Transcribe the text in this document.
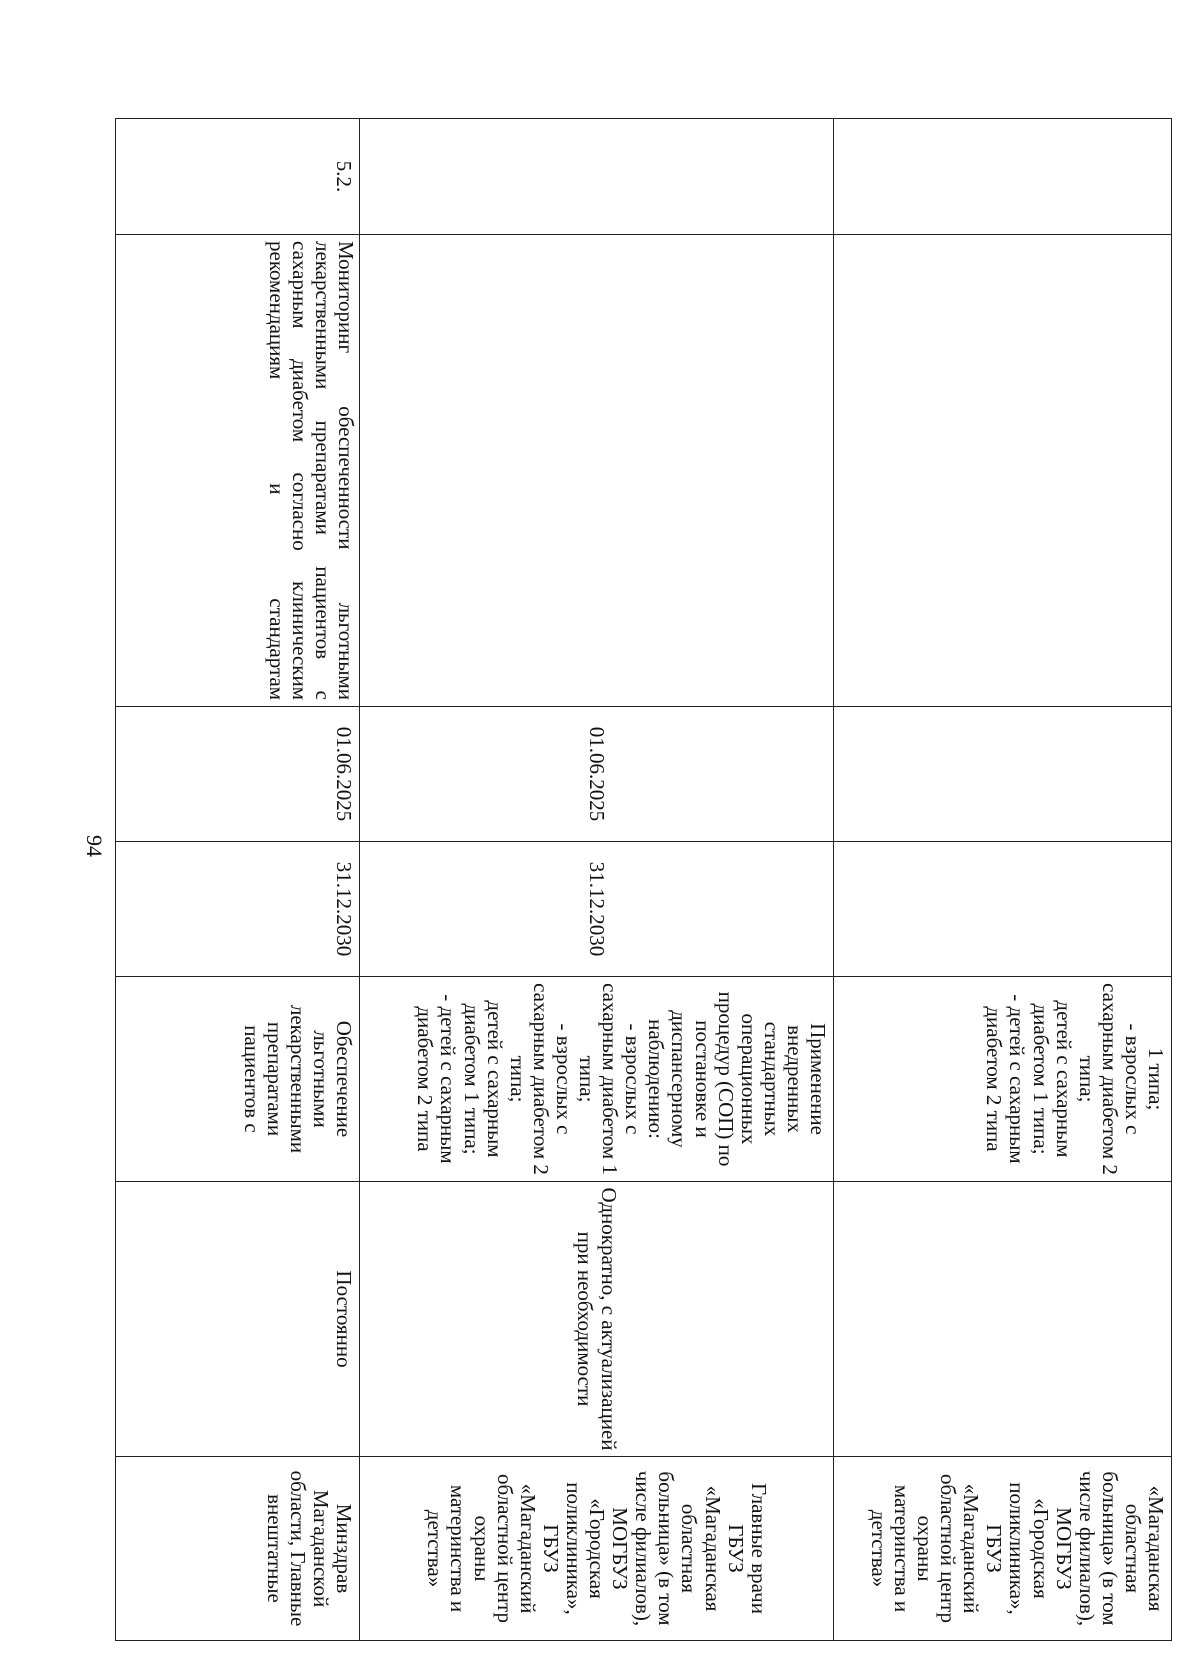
94
				1 типа;
- взрослых с сахарным диабетом 2 типа;
детей с сахарным диабетом 1 типа;
- детей с сахарным диабетом 2 типа		«Магаданская областная больница» (в том числе филиалов), МОГБУЗ «Городская поликлиника», ГБУЗ «Магаданский областной центр охраны материнства и детства»
		01.06.2025	31.12.2030	Применение внедренных стандартных операционных процедур (СОП) по постановке и диспансерному наблюдению:
- взрослых с сахарным диабетом 1 типа;
- взрослых с сахарным диабетом 2 типа;
детей с сахарным диабетом 1 типа;
- детей с сахарным диабетом 2 типа	Однократно, с актуализацией при необходимости	Главные врачи ГБУЗ «Магаданская областная больница» (в том числе филиалов), МОГБУЗ «Городская поликлиника», ГБУЗ «Магаданский областной центр охраны материнства и детства»
5.2.	Мониторинг обеспеченности льготными лекарственными препаратами пациентов с сахарным диабетом согласно клиническим рекомендациям и стандартам	01.06.2025	31.12.2030	Обеспечение льготными лекарственными препаратами пациентов с	Постоянно	Минздрав Магаданской области, Главные внештатные
